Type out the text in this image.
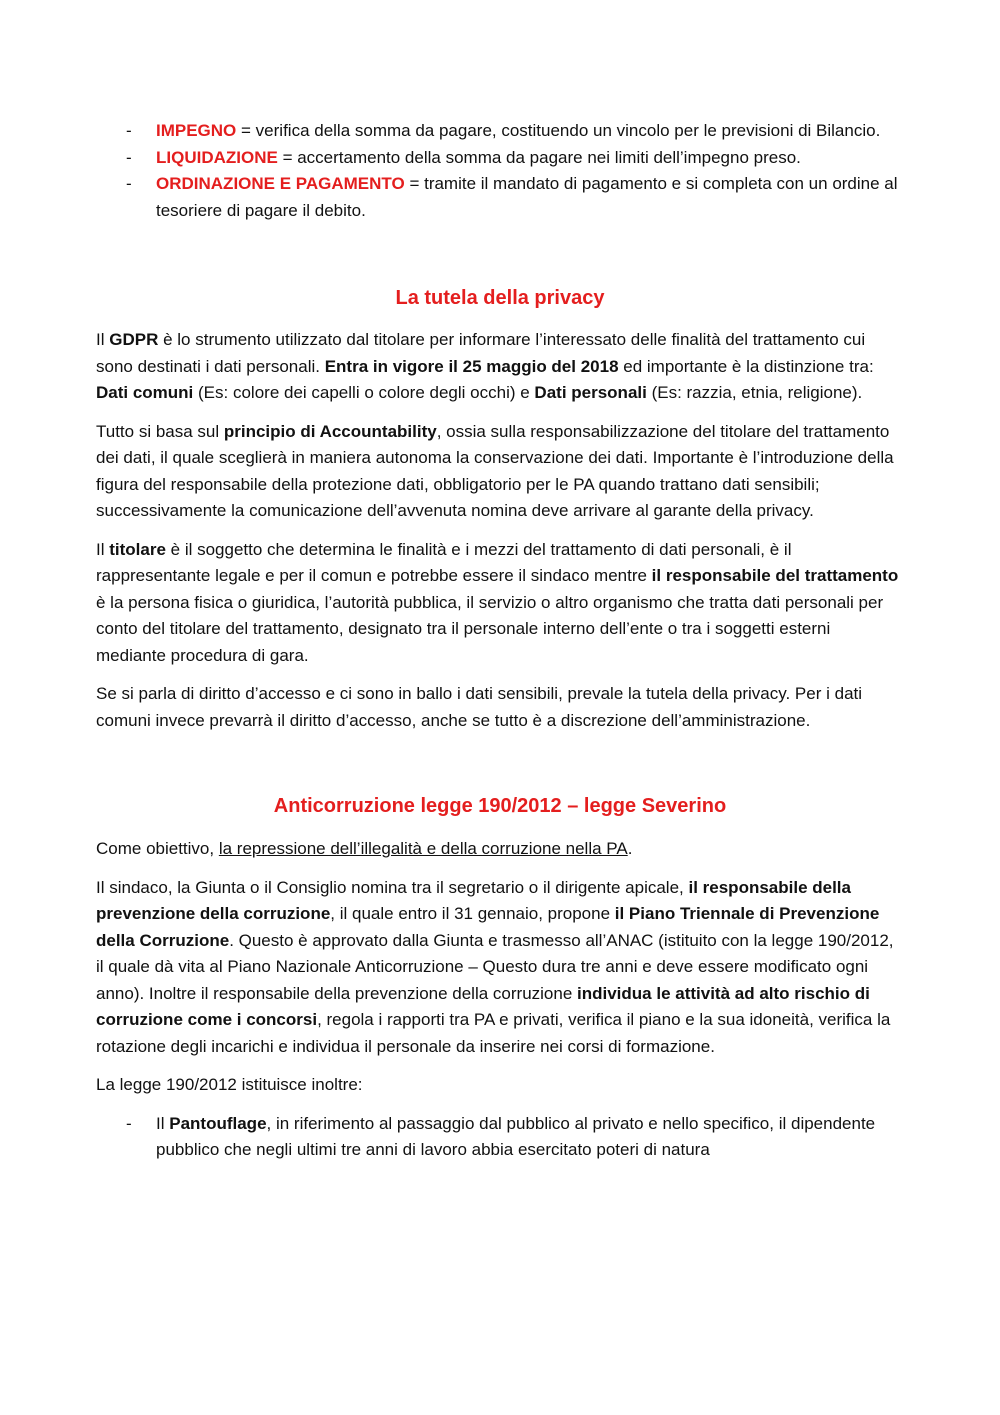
- IMPEGNO = verifica della somma da pagare, costituendo un vincolo per le previsioni di Bilancio.
- LIQUIDAZIONE = accertamento della somma da pagare nei limiti dell’impegno preso.
- ORDINAZIONE E PAGAMENTO = tramite il mandato di pagamento e si completa con un ordine al tesoriere di pagare il debito.
La tutela della privacy

Il GDPR è lo strumento utilizzato dal titolare per informare l’interessato delle finalità del trattamento cui sono destinati i dati personali. Entra in vigore il 25 maggio del 2018 ed importante è la distinzione tra: Dati comuni (Es: colore dei capelli o colore degli occhi) e Dati personali (Es: razzia, etnia, religione).

Tutto si basa sul principio di Accountability, ossia sulla responsabilizzazione del titolare del trattamento dei dati, il quale sceglierà in maniera autonoma la conservazione dei dati. Importante è l’introduzione della figura del responsabile della protezione dati, obbligatorio per le PA quando trattano dati sensibili; successivamente la comunicazione dell’avvenuta nomina deve arrivare al garante della privacy.

Il titolare è il soggetto che determina le finalità e i mezzi del trattamento di dati personali, è il rappresentante legale e per il comun e potrebbe essere il sindaco mentre il responsabile del trattamento è la persona fisica o giuridica, l’autorità pubblica, il servizio o altro organismo che tratta dati personali per conto del titolare del trattamento, designato tra il personale interno dell’ente o tra i soggetti esterni mediante procedura di gara.

Se si parla di diritto d’accesso e ci sono in ballo i dati sensibili, prevale la tutela della privacy. Per i dati comuni invece prevarrà il diritto d’accesso, anche se tutto è a discrezione dell’amministrazione.

Anticorruzione legge 190/2012 – legge Severino

Come obiettivo, la repressione dell’illegalità e della corruzione nella PA.

Il sindaco, la Giunta o il Consiglio nomina tra il segretario o il dirigente apicale, il responsabile della prevenzione della corruzione, il quale entro il 31 gennaio, propone il Piano Triennale di Prevenzione della Corruzione. Questo è approvato dalla Giunta e trasmesso all’ANAC (istituito con la legge 190/2012, il quale dà vita al Piano Nazionale Anticorruzione – Questo dura tre anni e deve essere modificato ogni anno). Inoltre il responsabile della prevenzione della corruzione individua le attività ad alto rischio di corruzione come i concorsi, regola i rapporti tra PA e privati, verifica il piano e la sua idoneità, verifica la rotazione degli incarichi e individua il personale da inserire nei corsi di formazione.

La legge 190/2012 istituisce inoltre:

- Il Pantouflage, in riferimento al passaggio dal pubblico al privato e nello specifico, il dipendente pubblico che negli ultimi tre anni di lavoro abbia esercitato poteri di natura
